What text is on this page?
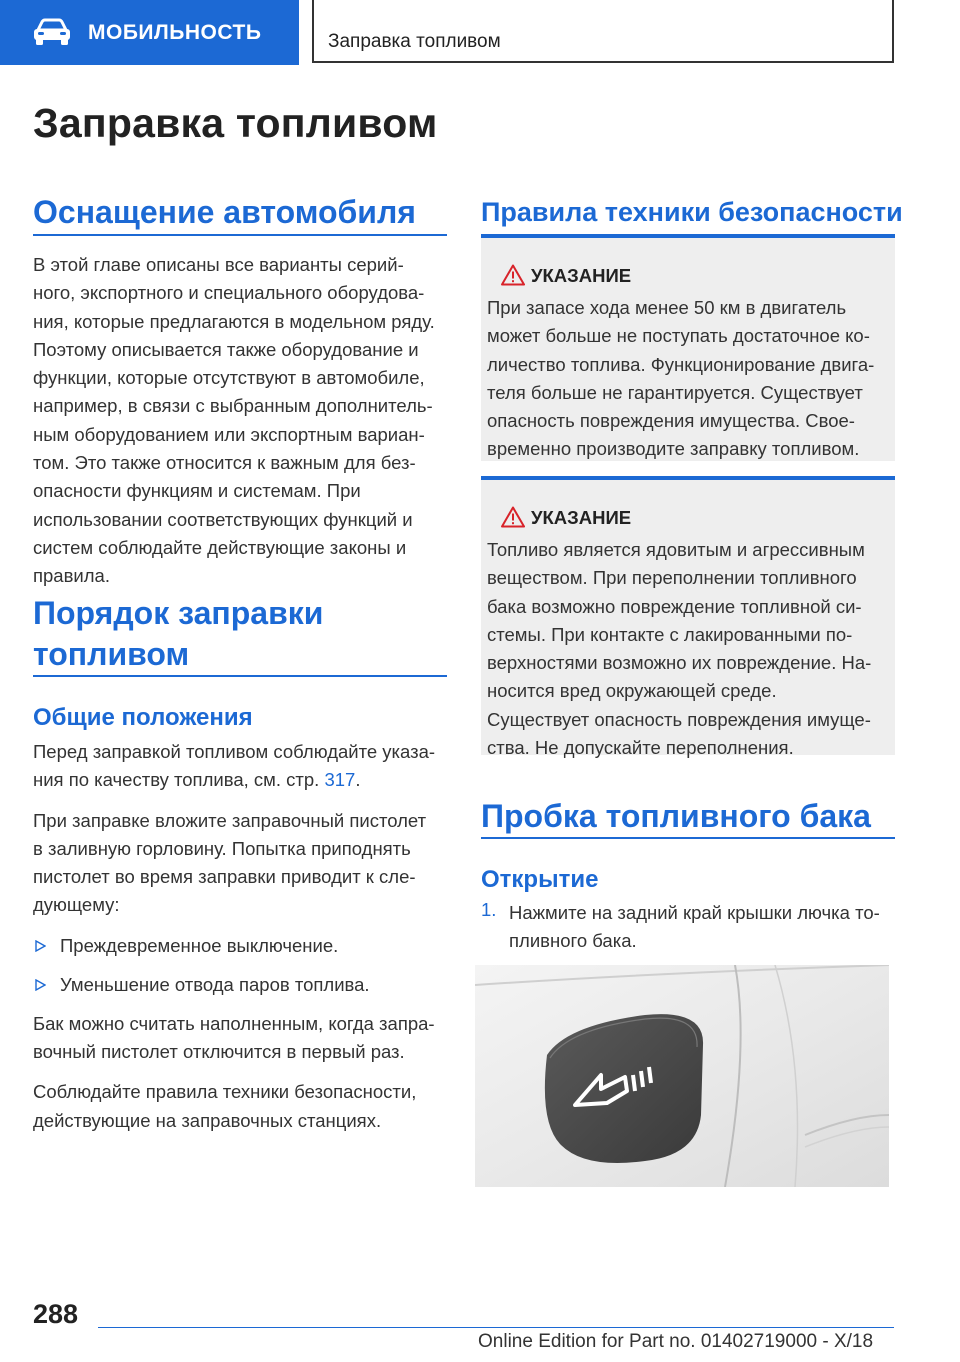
МОБИЛЬНОСТЬ	Заправка топливом
Заправка топливом
Оснащение автомобиля
В этой главе описаны все варианты серий-
ного, экспортного и специального оборудова-
ния, которые предлагаются в модельном ряду.
Поэтому описывается также оборудование и
функции, которые отсутствуют в автомобиле,
например, в связи с выбранным дополнитель-
ным оборудованием или экспортным вариан-
том. Это также относится к важным для без-
опасности функциям и системам. При
использовании соответствующих функций и
систем соблюдайте действующие законы и
правила.
Порядок заправки
топливом
Общие положения
Перед заправкой топливом соблюдайте указа-
ния по качеству топлива, см. стр. 317.
При заправке вложите заправочный пистолет
в заливную горловину. Попытка приподнять
пистолет во время заправки приводит к сле-
дующему:
Преждевременное выключение.
Уменьшение отвода паров топлива.
Бак можно считать наполненным, когда запра-
вочный пистолет отключится в первый раз.
Соблюдайте правила техники безопасности,
действующие на заправочных станциях.
Правила техники безопасности
УКАЗАНИЕ
При запасе хода менее 50 км в двигатель
может больше не поступать достаточное ко-
личество топлива. Функционирование двига-
теля больше не гарантируется. Существует
опасность повреждения имущества. Свое-
временно производите заправку топливом.
УКАЗАНИЕ
Топливо является ядовитым и агрессивным
веществом. При переполнении топливного
бака возможно повреждение топливной си-
стемы. При контакте с лакированными по-
верхностями возможно их повреждение. На-
носится вред окружающей среде.
Существует опасность повреждения имуще-
ства. Не допускайте переполнения.
Пробка топливного бака
Открытие
1. Нажмите на задний край крышки лючка то-
пливного бака.
288
Online Edition for Part no. 01402719000 - X/18
